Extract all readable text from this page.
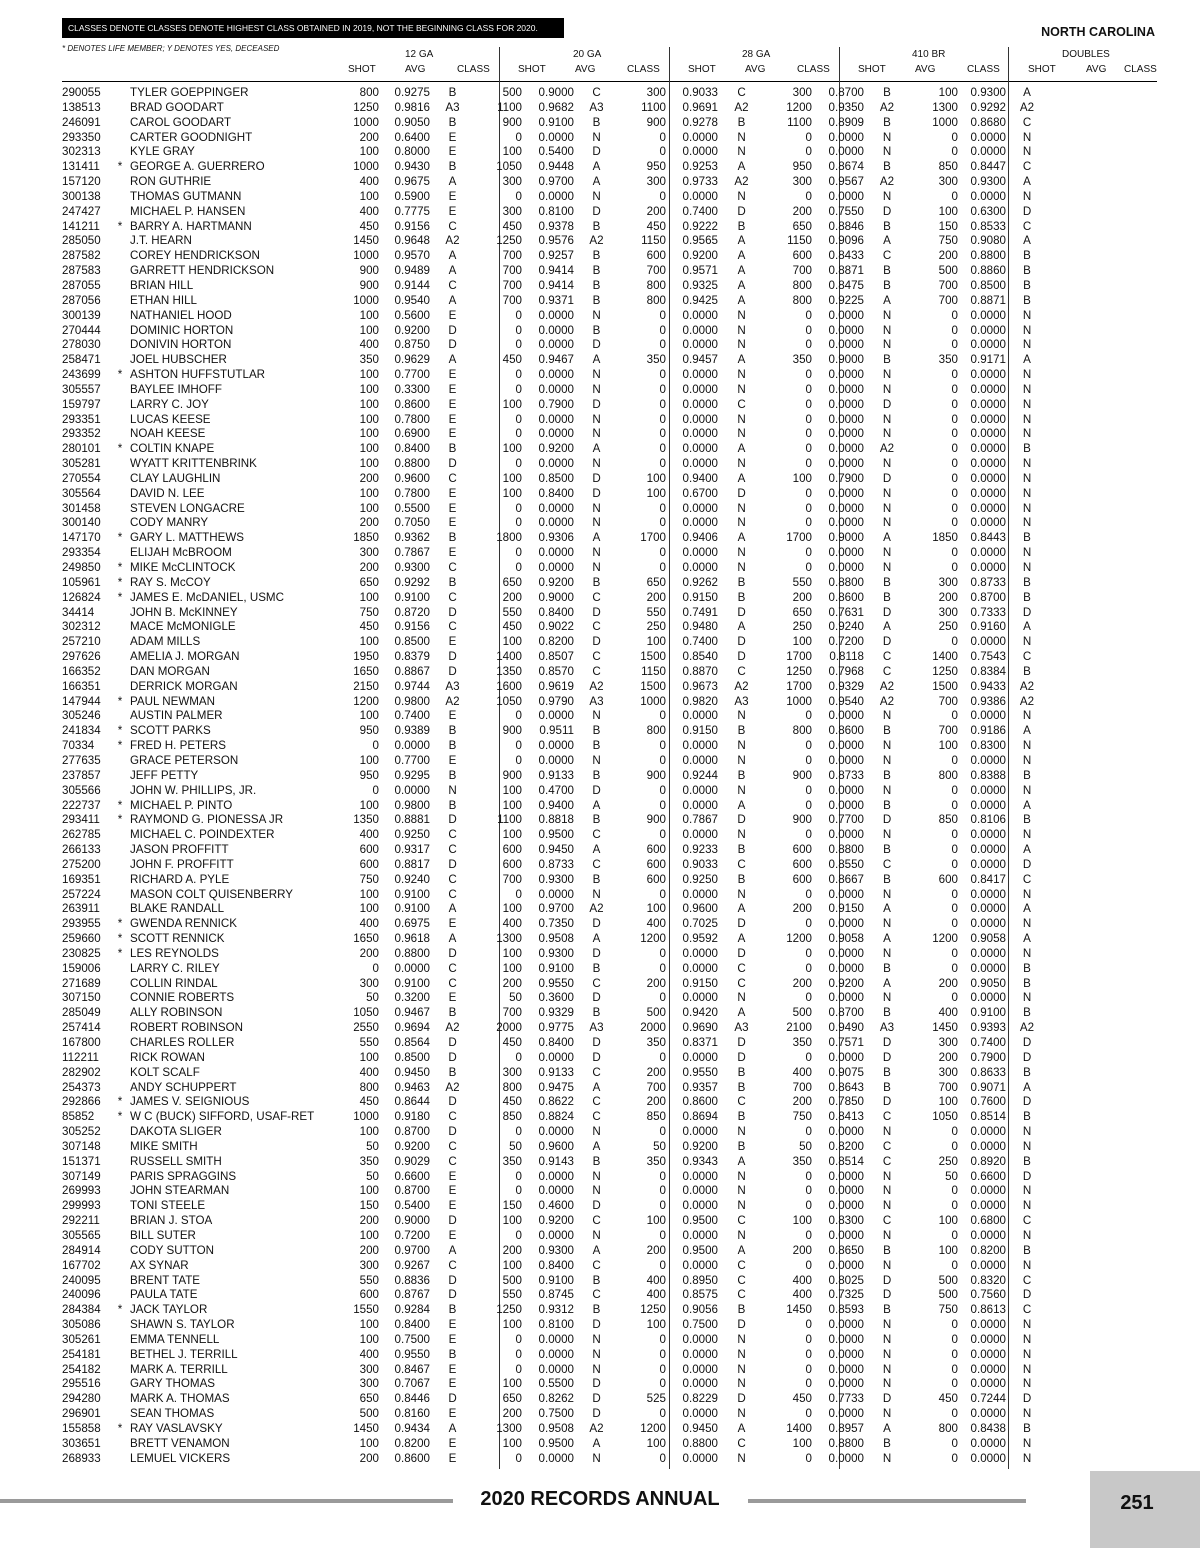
CLASSES DENOTE CLASSES DENOTE HIGHEST CLASS OBTAINED IN 2019, NOT THE BEGINNING CLASS FOR 2020.	NORTH CAROLINA
* DENOTES LIFE MEMBER; Y DENOTES YES, DECEASED
12 GA	20 GA	28 GA	410 BR	DOUBLES
SHOT	AVG	CLASS	SHOT	AVG	CLASS	SHOT	AVG	CLASS	SHOT	AVG	CLASS	SHOT	AVG CLASS
290055		TYLER GOEPPINGER	800	0.9275	B	500	0.9000	C	300	0.9033	C	300	0.8700	B	100	0.9300	A
138513		BRAD GOODART	1250	0.9816	A3	1100	0.9682	A3	1100	0.9691	A2	1200	0.9350	A2	1300	0.9292	A2
246091		CAROL GOODART	1000	0.9050	B	900	0.9100	B	900	0.9278	B	1100	0.8909	B	1000	0.8680	C
293350		CARTER GOODNIGHT	200	0.6400	E	0	0.0000	N	0	0.0000	N	0	0.0000	N	0	0.0000	N
302313		KYLE GRAY	100	0.8000	E	100	0.5400	D	0	0.0000	N	0	0.0000	N	0	0.0000	N
131411	*	GEORGE A. GUERRERO	1000	0.9430	B	1050	0.9448	A	950	0.9253	A	950	0.8674	B	850	0.8447	C
157120		RON GUTHRIE	400	0.9675	A	300	0.9700	A	300	0.9733	A2	300	0.9567	A2	300	0.9300	A
300138		THOMAS GUTMANN	100	0.5900	E	0	0.0000	N	0	0.0000	N	0	0.0000	N	0	0.0000	N
247427		MICHAEL P. HANSEN	400	0.7775	E	300	0.8100	D	200	0.7400	D	200	0.7550	D	100	0.6300	D
141211	*	BARRY A. HARTMANN	450	0.9156	C	450	0.9378	B	450	0.9222	B	650	0.8846	B	150	0.8533	C
285050		J.T. HEARN	1450	0.9648	A2	1250	0.9576	A2	1150	0.9565	A	1150	0.9096	A	750	0.9080	A
287582		COREY HENDRICKSON	1000	0.9570	A	700	0.9257	B	600	0.9200	A	600	0.8433	C	200	0.8800	B
287583		GARRETT HENDRICKSON	900	0.9489	A	700	0.9414	B	700	0.9571	A	700	0.8871	B	500	0.8860	B
287055		BRIAN HILL	900	0.9144	C	700	0.9414	B	800	0.9325	A	800	0.8475	B	700	0.8500	B
287056		ETHAN HILL	1000	0.9540	A	700	0.9371	B	800	0.9425	A	800	0.9225	A	700	0.8871	B
300139		NATHANIEL HOOD	100	0.5600	E	0	0.0000	N	0	0.0000	N	0	0.0000	N	0	0.0000	N
270444		DOMINIC HORTON	100	0.9200	D	0	0.0000	B	0	0.0000	N	0	0.0000	N	0	0.0000	N
278030		DONIVIN HORTON	400	0.8750	D	0	0.0000	D	0	0.0000	N	0	0.0000	N	0	0.0000	N
258471		JOEL HUBSCHER	350	0.9629	A	450	0.9467	A	350	0.9457	A	350	0.9000	B	350	0.9171	A
243699	*	ASHTON HUFFSTUTLAR	100	0.7700	E	0	0.0000	N	0	0.0000	N	0	0.0000	N	0	0.0000	N
305557		BAYLEE IMHOFF	100	0.3300	E	0	0.0000	N	0	0.0000	N	0	0.0000	N	0	0.0000	N
159797		LARRY C. JOY	100	0.8600	E	100	0.7900	D	0	0.0000	C	0	0.0000	D	0	0.0000	N
293351		LUCAS KEESE	100	0.7800	E	0	0.0000	N	0	0.0000	N	0	0.0000	N	0	0.0000	N
293352		NOAH KEESE	100	0.6900	E	0	0.0000	N	0	0.0000	N	0	0.0000	N	0	0.0000	N
280101	*	COLTIN KNAPE	100	0.8400	B	100	0.9200	A	0	0.0000	A	0	0.0000	A2	0	0.0000	B
305281		WYATT KRITTENBRINK	100	0.8800	D	0	0.0000	N	0	0.0000	N	0	0.0000	N	0	0.0000	N
270554		CLAY LAUGHLIN	200	0.9600	C	100	0.8500	D	100	0.9400	A	100	0.7900	D	0	0.0000	N
305564		DAVID N. LEE	100	0.7800	E	100	0.8400	D	100	0.6700	D	0	0.0000	N	0	0.0000	N
301458		STEVEN LONGACRE	100	0.5500	E	0	0.0000	N	0	0.0000	N	0	0.0000	N	0	0.0000	N
300140		CODY MANRY	200	0.7050	E	0	0.0000	N	0	0.0000	N	0	0.0000	N	0	0.0000	N
147170	*	GARY L. MATTHEWS	1850	0.9362	B	1800	0.9306	A	1700	0.9406	A	1700	0.9000	A	1850	0.8443	B
293354		ELIJAH McBROOM	300	0.7867	E	0	0.0000	N	0	0.0000	N	0	0.0000	N	0	0.0000	N
249850	*	MIKE McCLINTOCK	200	0.9300	C	0	0.0000	N	0	0.0000	N	0	0.0000	N	0	0.0000	N
105961	*	RAY S. McCOY	650	0.9292	B	650	0.9200	B	650	0.9262	B	550	0.8800	B	300	0.8733	B
126824	*	JAMES E. McDANIEL, USMC	100	0.9100	C	200	0.9000	C	200	0.9150	B	200	0.8600	B	200	0.8700	B
34414		JOHN B. McKINNEY	750	0.8720	D	550	0.8400	D	550	0.7491	D	650	0.7631	D	300	0.7333	D
302312		MACE McMONIGLE	450	0.9156	C	450	0.9022	C	250	0.9480	A	250	0.9240	A	250	0.9160	A
257210		ADAM MILLS	100	0.8500	E	100	0.8200	D	100	0.7400	D	100	0.7200	D	0	0.0000	N
297626		AMELIA J. MORGAN	1950	0.8379	D	1400	0.8507	C	1500	0.8540	D	1700	0.8118	C	1400	0.7543	C
166352		DAN MORGAN	1650	0.8867	D	1350	0.8570	C	1150	0.8870	C	1250	0.7968	C	1250	0.8384	B
166351		DERRICK MORGAN	2150	0.9744	A3	1600	0.9619	A2	1500	0.9673	A2	1700	0.9329	A2	1500	0.9433	A2
147944	*	PAUL NEWMAN	1200	0.9800	A2	1050	0.9790	A3	1000	0.9820	A3	1000	0.9540	A2	700	0.9386	A2
305246		AUSTIN PALMER	100	0.7400	E	0	0.0000	N	0	0.0000	N	0	0.0000	N	0	0.0000	N
241834	*	SCOTT PARKS	950	0.9389	B	900	0.9511	B	800	0.9150	B	800	0.8600	B	700	0.9186	A
70334	*	FRED H. PETERS	0	0.0000	B	0	0.0000	B	0	0.0000	N	0	0.0000	N	100	0.8300	N
277635		GRACE PETERSON	100	0.7700	E	0	0.0000	N	0	0.0000	N	0	0.0000	N	0	0.0000	N
237857		JEFF PETTY	950	0.9295	B	900	0.9133	B	900	0.9244	B	900	0.8733	B	800	0.8388	B
305566		JOHN W. PHILLIPS, JR.	0	0.0000	N	100	0.4700	D	0	0.0000	N	0	0.0000	N	0	0.0000	N
222737	*	MICHAEL P. PINTO	100	0.9800	B	100	0.9400	A	0	0.0000	A	0	0.0000	B	0	0.0000	A
293411	*	RAYMOND G. PIONESSA JR	1350	0.8881	D	1100	0.8818	B	900	0.7867	D	900	0.7700	D	850	0.8106	B
262785		MICHAEL C. POINDEXTER	400	0.9250	C	100	0.9500	C	0	0.0000	N	0	0.0000	N	0	0.0000	N
266133		JASON PROFFITT	600	0.9317	C	600	0.9450	A	600	0.9233	B	600	0.8800	B	0	0.0000	A
275200		JOHN F. PROFFITT	600	0.8817	D	600	0.8733	C	600	0.9033	C	600	0.8550	C	0	0.0000	D
169351		RICHARD A. PYLE	750	0.9240	C	700	0.9300	B	600	0.9250	B	600	0.8667	B	600	0.8417	C
257224		MASON COLT QUISENBERRY	100	0.9100	C	0	0.0000	N	0	0.0000	N	0	0.0000	N	0	0.0000	N
263911		BLAKE RANDALL	100	0.9100	A	100	0.9700	A2	100	0.9600	A	200	0.9150	A	0	0.0000	A
293955	*	GWENDA RENNICK	400	0.6975	E	400	0.7350	D	400	0.7025	D	0	0.0000	N	0	0.0000	N
259660	*	SCOTT RENNICK	1650	0.9618	A	1300	0.9508	A	1200	0.9592	A	1200	0.9058	A	1200	0.9058	A
230825	*	LES REYNOLDS	200	0.8800	D	100	0.9300	D	0	0.0000	D	0	0.0000	N	0	0.0000	N
159006		LARRY C. RILEY	0	0.0000	C	100	0.9100	B	0	0.0000	C	0	0.0000	B	0	0.0000	B
271689		COLLIN RINDAL	300	0.9100	C	200	0.9550	C	200	0.9150	C	200	0.9200	A	200	0.9050	B
307150		CONNIE ROBERTS	50	0.3200	E	50	0.3600	D	0	0.0000	N	0	0.0000	N	0	0.0000	N
285049		ALLY ROBINSON	1050	0.9467	B	700	0.9329	B	500	0.9420	A	500	0.8700	B	400	0.9100	B
257414		ROBERT ROBINSON	2550	0.9694	A2	2000	0.9775	A3	2000	0.9690	A3	2100	0.9490	A3	1450	0.9393	A2
167800		CHARLES ROLLER	550	0.8564	D	450	0.8400	D	350	0.8371	D	350	0.7571	D	300	0.7400	D
112211		RICK ROWAN	100	0.8500	D	0	0.0000	D	0	0.0000	D	0	0.0000	D	200	0.7900	D
282902		KOLT SCALF	400	0.9450	B	300	0.9133	C	200	0.9550	B	400	0.9075	B	300	0.8633	B
254373		ANDY SCHUPPERT	800	0.9463	A2	800	0.9475	A	700	0.9357	B	700	0.8643	B	700	0.9071	A
292866	*	JAMES V. SEIGNIOUS	450	0.8644	D	450	0.8622	C	200	0.8600	C	200	0.7850	D	100	0.7600	D
85852	*	W C (BUCK) SIFFORD, USAF-RET	1000	0.9180	C	850	0.8824	C	850	0.8694	B	750	0.8413	C	1050	0.8514	B
305252		DAKOTA SLIGER	100	0.8700	D	0	0.0000	N	0	0.0000	N	0	0.0000	N	0	0.0000	N
307148		MIKE SMITH	50	0.9200	C	50	0.9600	A	50	0.9200	B	50	0.8200	C	0	0.0000	N
151371		RUSSELL SMITH	350	0.9029	C	350	0.9143	B	350	0.9343	A	350	0.8514	C	250	0.8920	B
307149		PARIS SPRAGGINS	50	0.6600	E	0	0.0000	N	0	0.0000	N	0	0.0000	N	50	0.6600	D
269993		JOHN STEARMAN	100	0.8700	E	0	0.0000	N	0	0.0000	N	0	0.0000	N	0	0.0000	N
299993		TONI STEELE	150	0.5400	E	150	0.4600	D	0	0.0000	N	0	0.0000	N	0	0.0000	N
292211		BRIAN J. STOA	200	0.9000	D	100	0.9200	C	100	0.9500	C	100	0.8300	C	100	0.6800	C
305565		BILL SUTER	100	0.7200	E	0	0.0000	N	0	0.0000	N	0	0.0000	N	0	0.0000	N
284914		CODY SUTTON	200	0.9700	A	200	0.9300	A	200	0.9500	A	200	0.8650	B	100	0.8200	B
167702		AX SYNAR	300	0.9267	C	100	0.8400	C	0	0.0000	C	0	0.0000	N	0	0.0000	N
240095		BRENT TATE	550	0.8836	D	500	0.9100	B	400	0.8950	C	400	0.8025	D	500	0.8320	C
240096		PAULA TATE	600	0.8767	D	550	0.8745	C	400	0.8575	C	400	0.7325	D	500	0.7560	D
284384	*	JACK TAYLOR	1550	0.9284	B	1250	0.9312	B	1250	0.9056	B	1450	0.8593	B	750	0.8613	C
305086		SHAWN S. TAYLOR	100	0.8400	E	100	0.8100	D	100	0.7500	D	0	0.0000	N	0	0.0000	N
305261		EMMA TENNELL	100	0.7500	E	0	0.0000	N	0	0.0000	N	0	0.0000	N	0	0.0000	N
254181		BETHEL J. TERRILL	400	0.9550	B	0	0.0000	N	0	0.0000	N	0	0.0000	N	0	0.0000	N
254182		MARK A. TERRILL	300	0.8467	E	0	0.0000	N	0	0.0000	N	0	0.0000	N	0	0.0000	N
295516		GARY THOMAS	300	0.7067	E	100	0.5500	D	0	0.0000	N	0	0.0000	N	0	0.0000	N
294280		MARK A. THOMAS	650	0.8446	D	650	0.8262	D	525	0.8229	D	450	0.7733	D	450	0.7244	D
296901		SEAN THOMAS	500	0.8160	E	200	0.7500	D	0	0.0000	N	0	0.0000	N	0	0.0000	N
155858	*	RAY VASLAVSKY	1450	0.9434	A	1300	0.9508	A2	1200	0.9450	A	1400	0.8957	A	800	0.8438	B
303651		BRETT VENAMON	100	0.8200	E	100	0.9500	A	100	0.8800	C	100	0.8800	B	0	0.0000	N
268933		LEMUEL VICKERS	200	0.8600	E	0	0.0000	N	0	0.0000	N	0	0.0000	N	0	0.0000	N
2020 RECORDS ANNUAL	251
